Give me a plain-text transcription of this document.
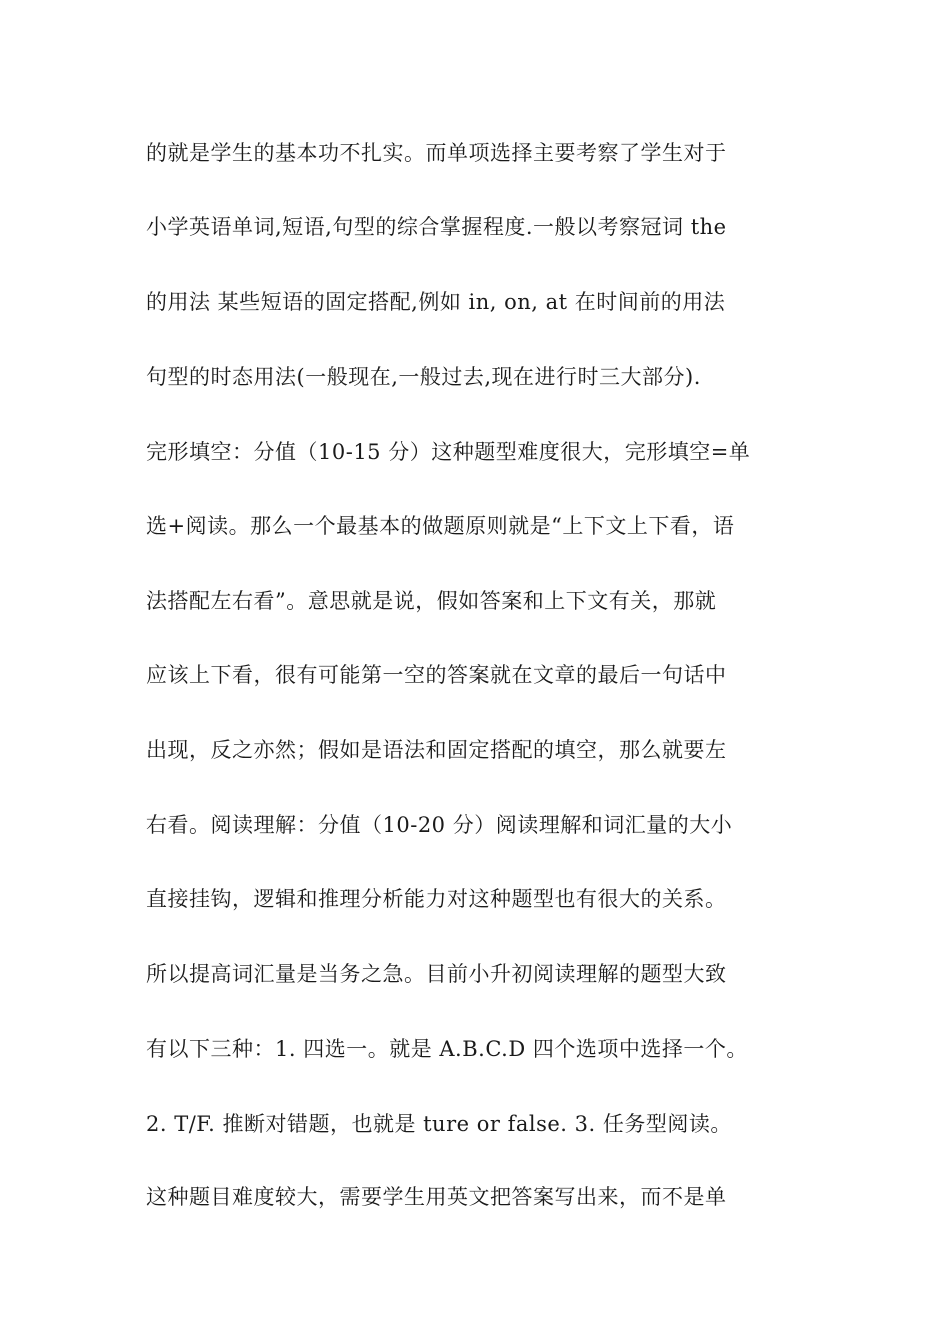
的就是学生的基本功不扎实。而单项选择主要考察了学生对于
小学英语单词,短语,句型的综合掌握程度.一般以考察冠词 the
的用法 某些短语的固定搭配,例如 in, on, at 在时间前的用法
句型的时态用法(一般现在,一般过去,现在进行时三大部分).
完形填空：分值（10-15 分）这种题型难度很大，完形填空=单
选+阅读。那么一个最基本的做题原则就是“上下文上下看，语
法搭配左右看”。意思就是说，假如答案和上下文有关，那就
应该上下看，很有可能第一空的答案就在文章的最后一句话中
出现，反之亦然；假如是语法和固定搭配的填空，那么就要左
右看。阅读理解：分值（10-20 分）阅读理解和词汇量的大小
直接挂钩，逻辑和推理分析能力对这种题型也有很大的关系。
所以提高词汇量是当务之急。目前小升初阅读理解的题型大致
有以下三种：1. 四选一。就是 A.B.C.D 四个选项中选择一个。
2. T/F. 推断对错题，也就是 ture or false. 3. 任务型阅读。
这种题目难度较大，需要学生用英文把答案写出来，而不是单
